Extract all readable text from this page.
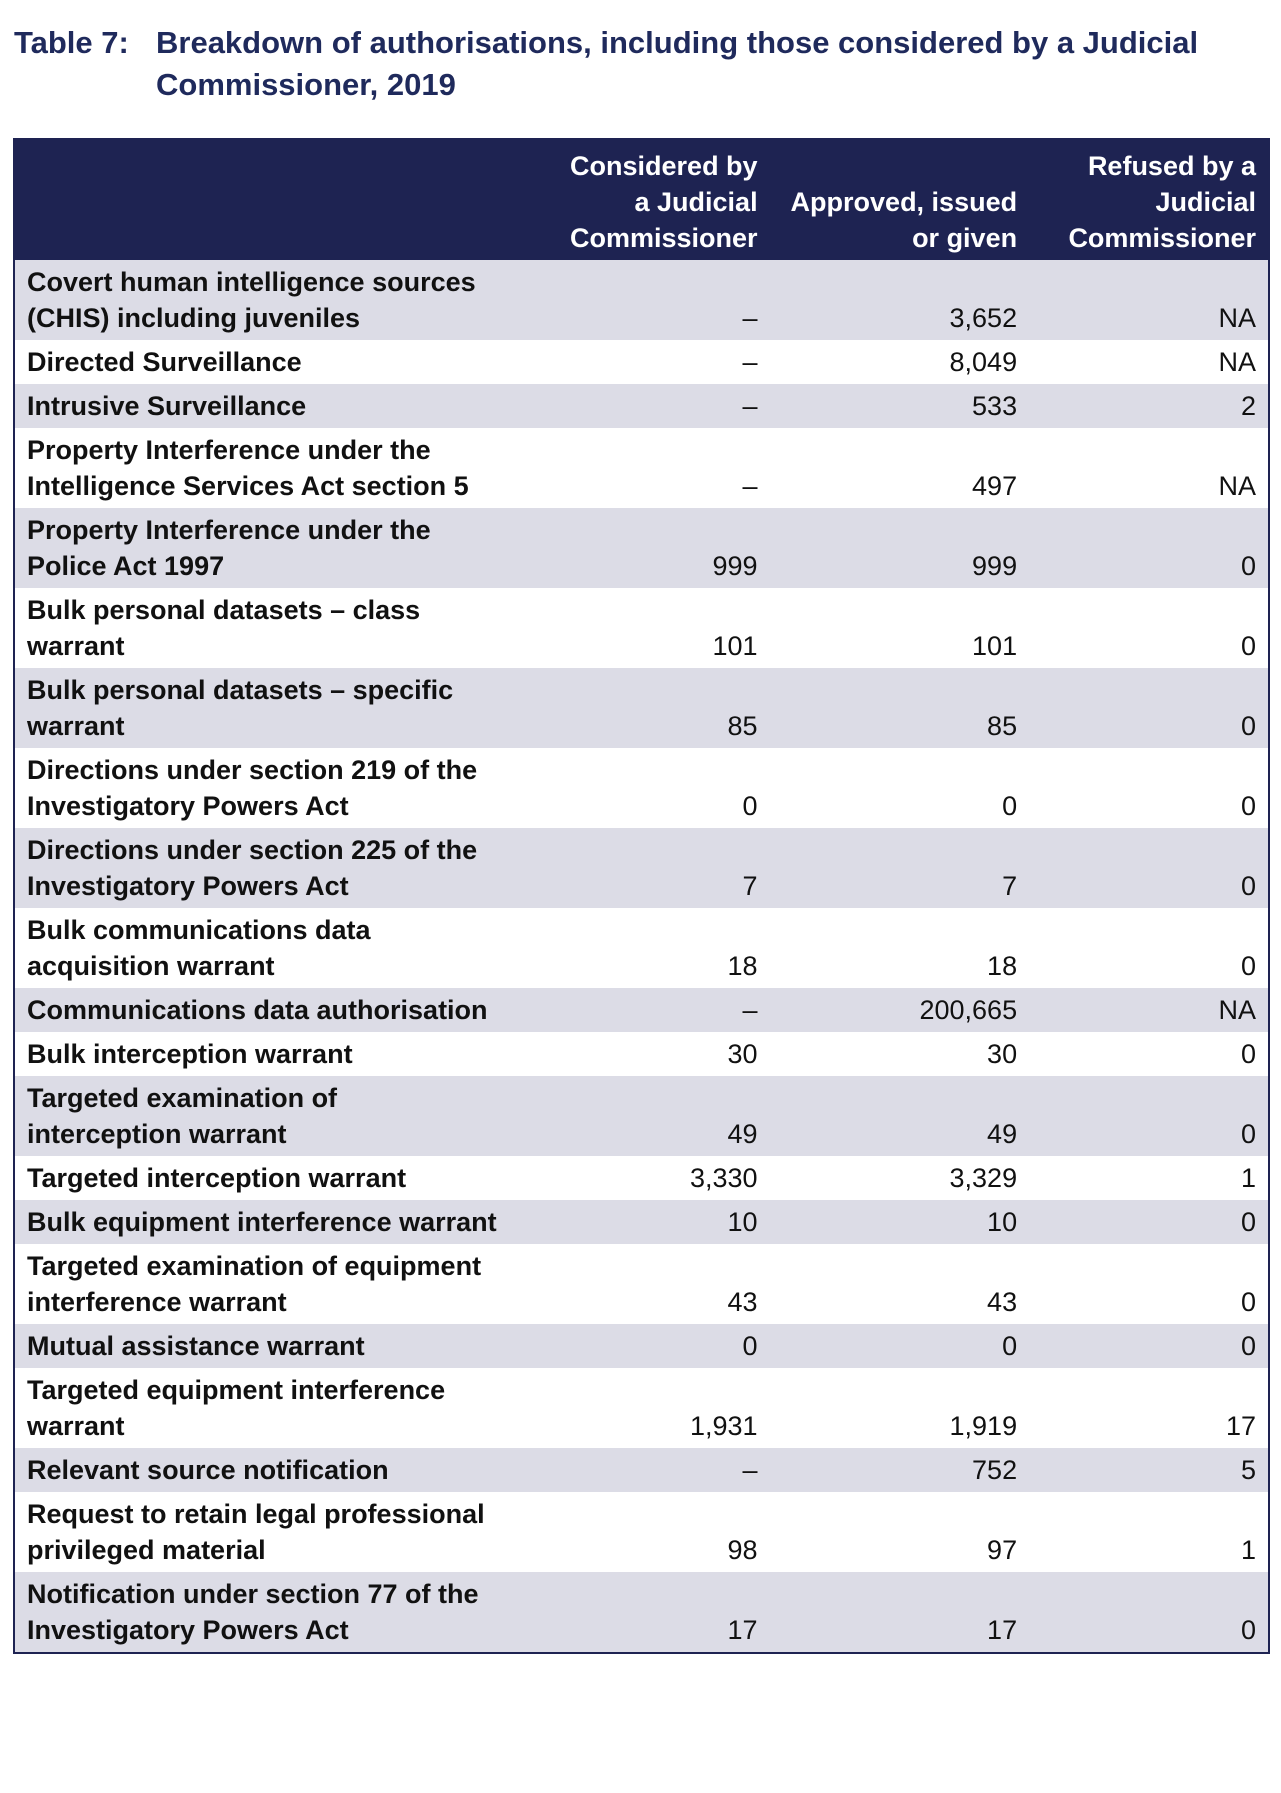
Table 7: Breakdown of authorisations, including those considered by a Judicial Commissioner, 2019
	Considered by a Judicial Commissioner	Approved, issued or given	Refused by a Judicial Commissioner
Covert human intelligence sources (CHIS) including juveniles	–	3,652	NA
Directed Surveillance	–	8,049	NA
Intrusive Surveillance	–	533	2
Property Interference under the Intelligence Services Act section 5	–	497	NA
Property Interference under the Police Act 1997	999	999	0
Bulk personal datasets – class warrant	101	101	0
Bulk personal datasets – specific warrant	85	85	0
Directions under section 219 of the Investigatory Powers Act	0	0	0
Directions under section 225 of the Investigatory Powers Act	7	7	0
Bulk communications data acquisition warrant	18	18	0
Communications data authorisation	–	200,665	NA
Bulk interception warrant	30	30	0
Targeted examination of interception warrant	49	49	0
Targeted interception warrant	3,330	3,329	1
Bulk equipment interference warrant	10	10	0
Targeted examination of equipment interference warrant	43	43	0
Mutual assistance warrant	0	0	0
Targeted equipment interference warrant	1,931	1,919	17
Relevant source notification	–	752	5
Request to retain legal professional privileged material	98	97	1
Notification under section 77 of the Investigatory Powers Act	17	17	0
